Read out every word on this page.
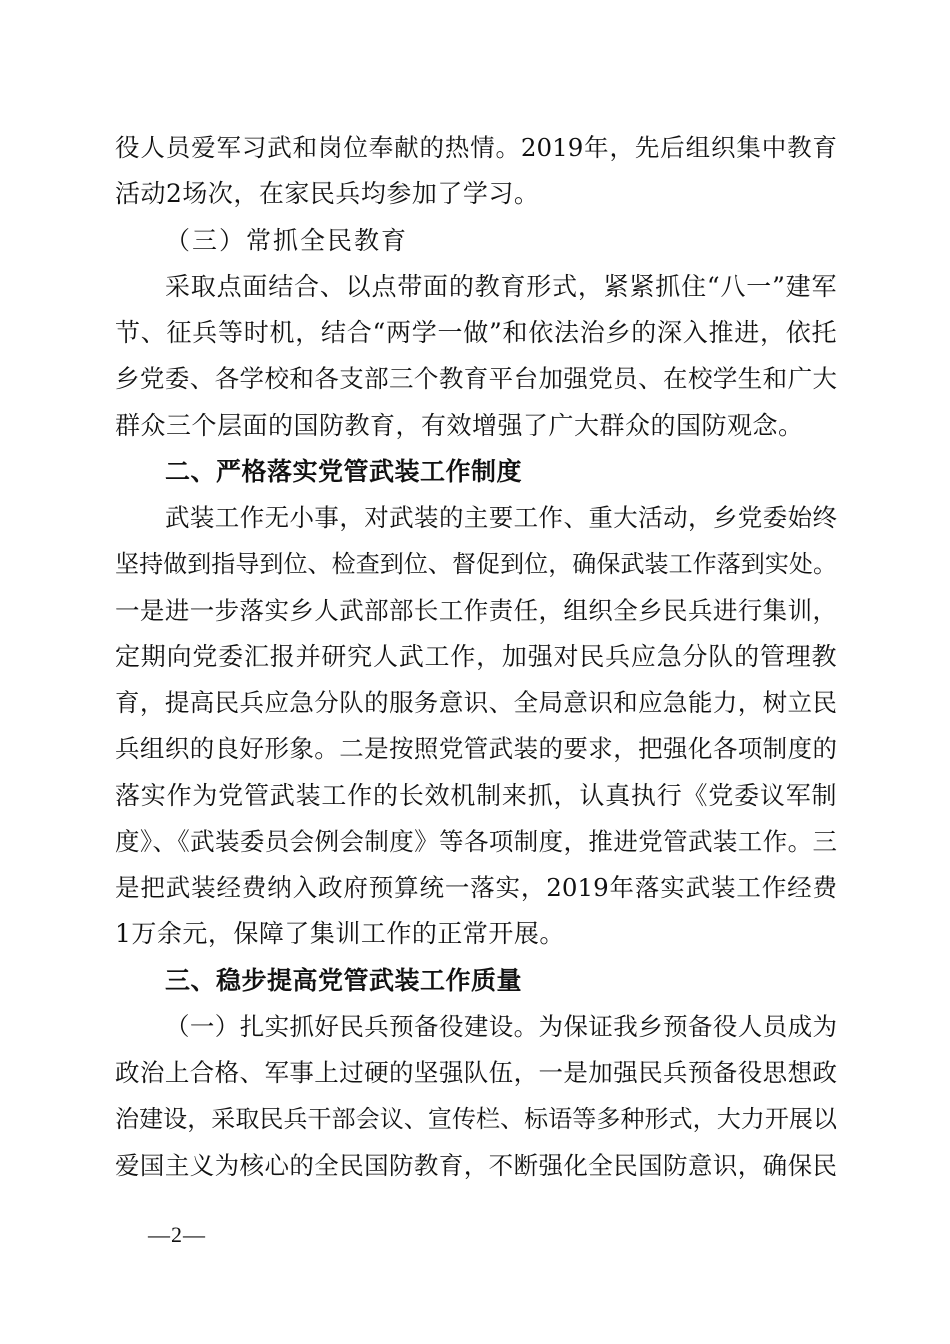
役人员爱军习武和岗位奉献的热情。2019年，先后组织集中教育
活动2场次，在家民兵均参加了学习。
（三）常抓全民教育
采取点面结合、以点带面的教育形式，紧紧抓住“八一”建军
节、征兵等时机，结合“两学一做”和依法治乡的深入推进，依托
乡党委、各学校和各支部三个教育平台加强党员、在校学生和广大
群众三个层面的国防教育，有效增强了广大群众的国防观念。
二、严格落实党管武装工作制度
武装工作无小事，对武装的主要工作、重大活动，乡党委始终
坚持做到指导到位、检查到位、督促到位，确保武装工作落到实处。
一是进一步落实乡人武部部长工作责任，组织全乡民兵进行集训，
定期向党委汇报并研究人武工作，加强对民兵应急分队的管理教
育，提高民兵应急分队的服务意识、全局意识和应急能力，树立民
兵组织的良好形象。二是按照党管武装的要求，把强化各项制度的
落实作为党管武装工作的长效机制来抓，认真执行《党委议军制
度》、《武装委员会例会制度》等各项制度，推进党管武装工作。三
是把武装经费纳入政府预算统一落实，2019年落实武装工作经费
1万余元，保障了集训工作的正常开展。
三、稳步提高党管武装工作质量
（一）扎实抓好民兵预备役建设。为保证我乡预备役人员成为
政治上合格、军事上过硬的坚强队伍，一是加强民兵预备役思想政
治建设，采取民兵干部会议、宣传栏、标语等多种形式，大力开展以
爱国主义为核心的全民国防教育，不断强化全民国防意识，确保民
—2—
